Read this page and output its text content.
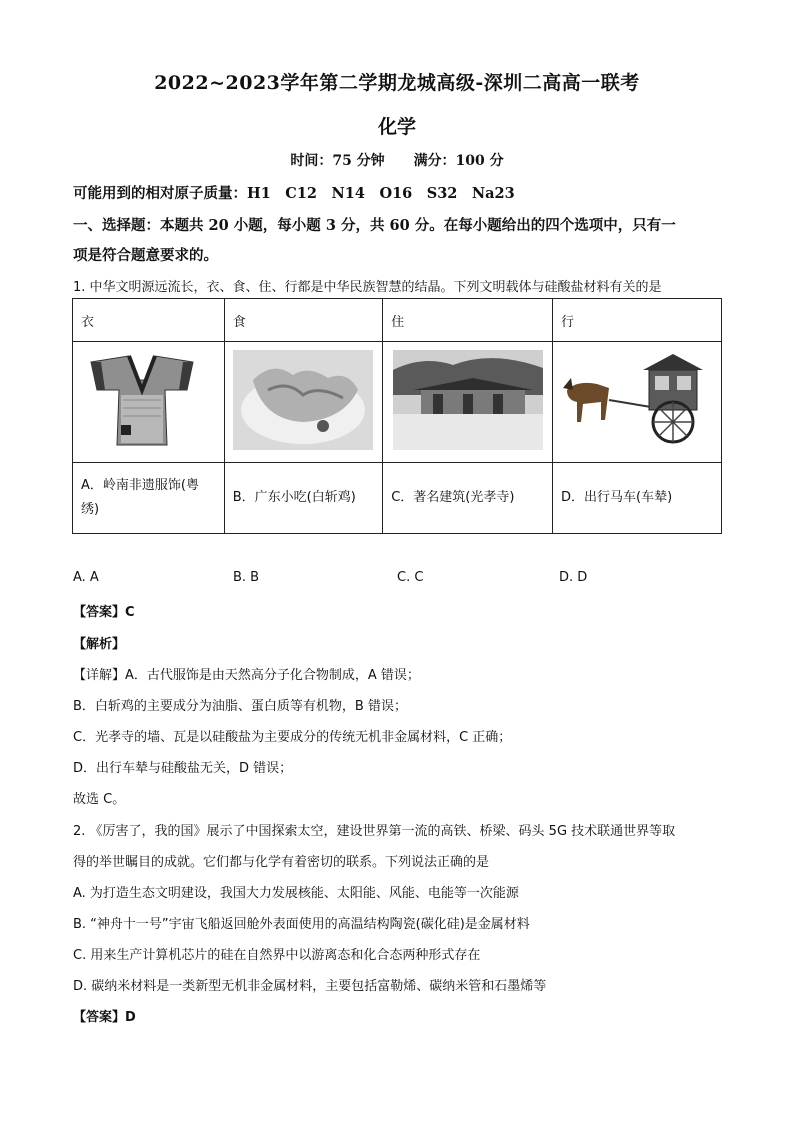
2022~2023学年第二学期龙城高级-深圳二高高一联考
化学
时间：75 分钟 满分：100 分
可能用到的相对原子质量：H1　C12　N14　O16　S32　Na23
一、选择题：本题共 20 小题，每小题 3 分，共 60 分。在每小题给出的四个选项中，只有一
项是符合题意要求的。
1. 中华文明源远流长，衣、食、住、行都是中华民族智慧的结晶。下列文明载体与硅酸盐材料有关的是
衣	食	住	行

A．岭南非遗服饰(粤
绣)	B．广东小吃(白斩鸡)	C．著名建筑(光孝寺)	D．出行马车(车辇)
A. A	B. B	C. C	D. D
【答案】C
【解析】
【详解】A．古代服饰是由天然高分子化合物制成，A 错误；
B．白斩鸡的主要成分为油脂、蛋白质等有机物，B 错误；
C．光孝寺的墙、瓦是以硅酸盐为主要成分的传统无机非金属材料，C 正确；
D．出行车辇与硅酸盐无关，D 错误；
故选 C。
2. 《厉害了，我的国》展示了中国探索太空，建设世界第一流的高铁、桥梁、码头 5G 技术联通世界等取
得的举世瞩目的成就。它们都与化学有着密切的联系。下列说法正确的是
A. 为打造生态文明建设，我国大力发展核能、太阳能、风能、电能等一次能源
B. “神舟十一号”宇宙飞船返回舱外表面使用的高温结构陶瓷(碳化硅)是金属材料
C. 用来生产计算机芯片的硅在自然界中以游离态和化合态两种形式存在
D. 碳纳米材料是一类新型无机非金属材料，主要包括富勒烯、碳纳米管和石墨烯等
【答案】D
